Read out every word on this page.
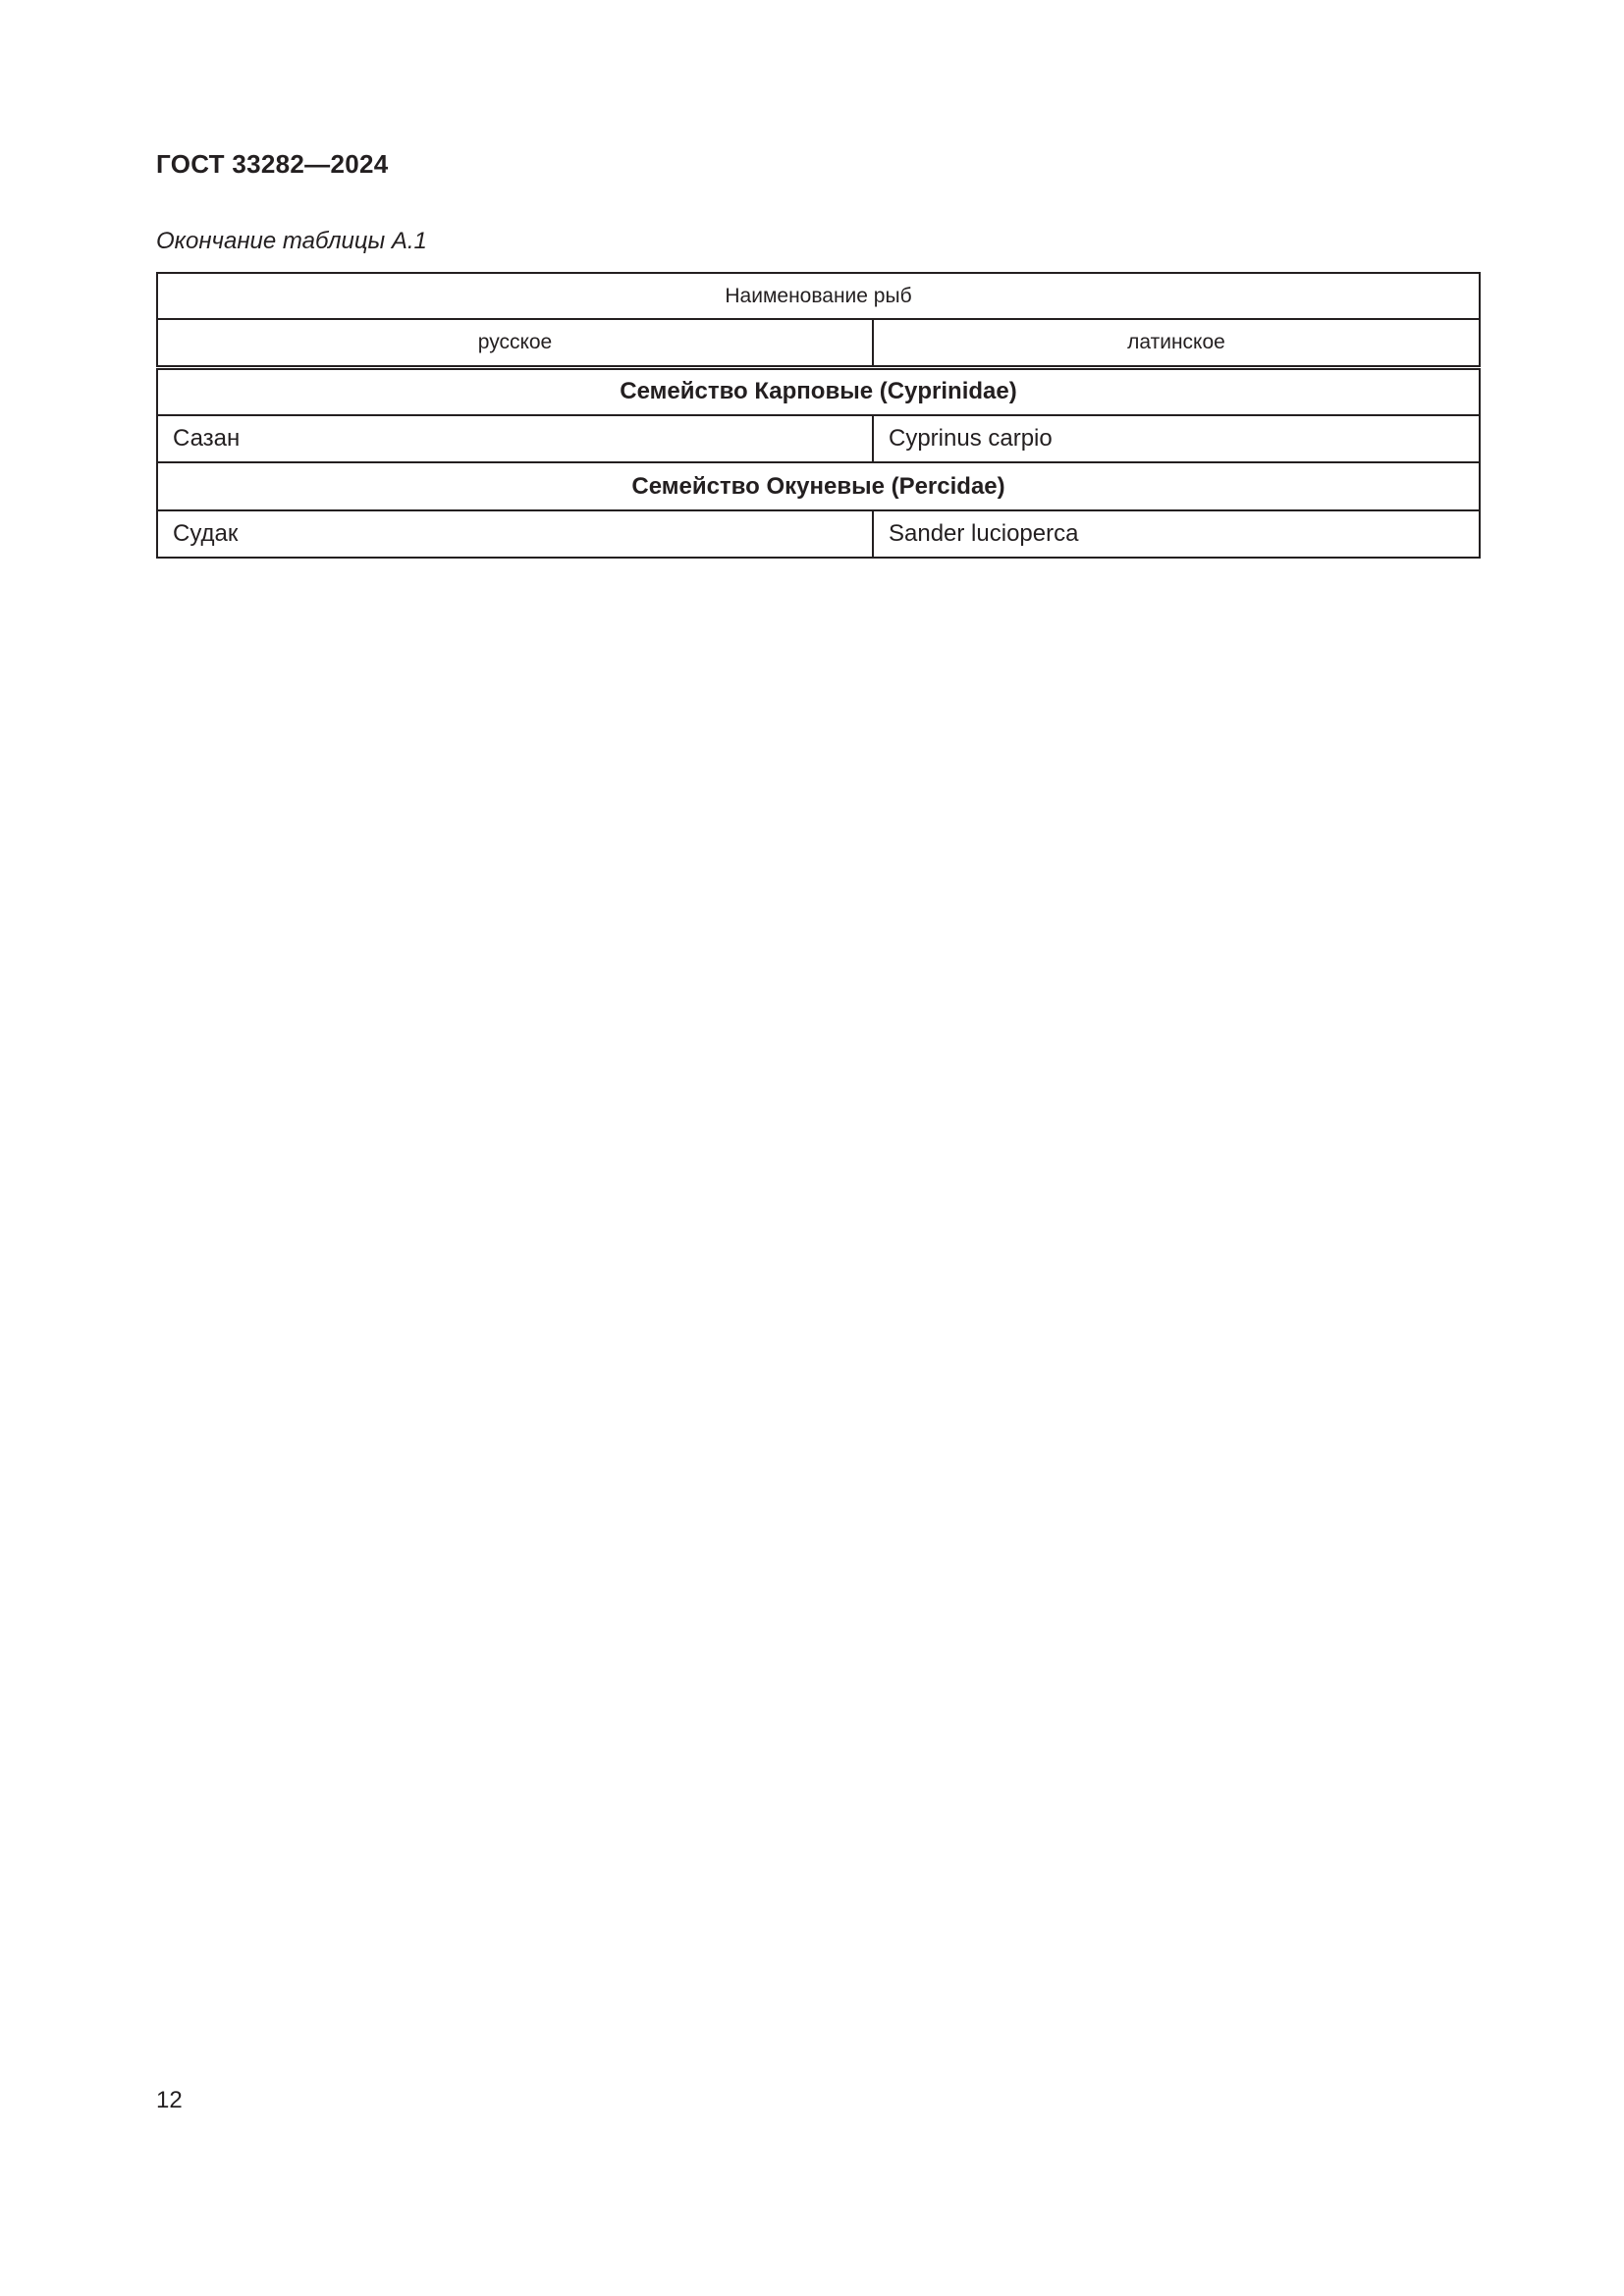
ГОСТ 33282—2024

Окончание таблицы А.1

Наименование рыб	
русское	латинское
Семейство Карповые (Cyprinidae)	
Сазан	Cyprinus carpio
Семейство Окуневые (Percidae)	
Судак	Sander lucioperca

12
